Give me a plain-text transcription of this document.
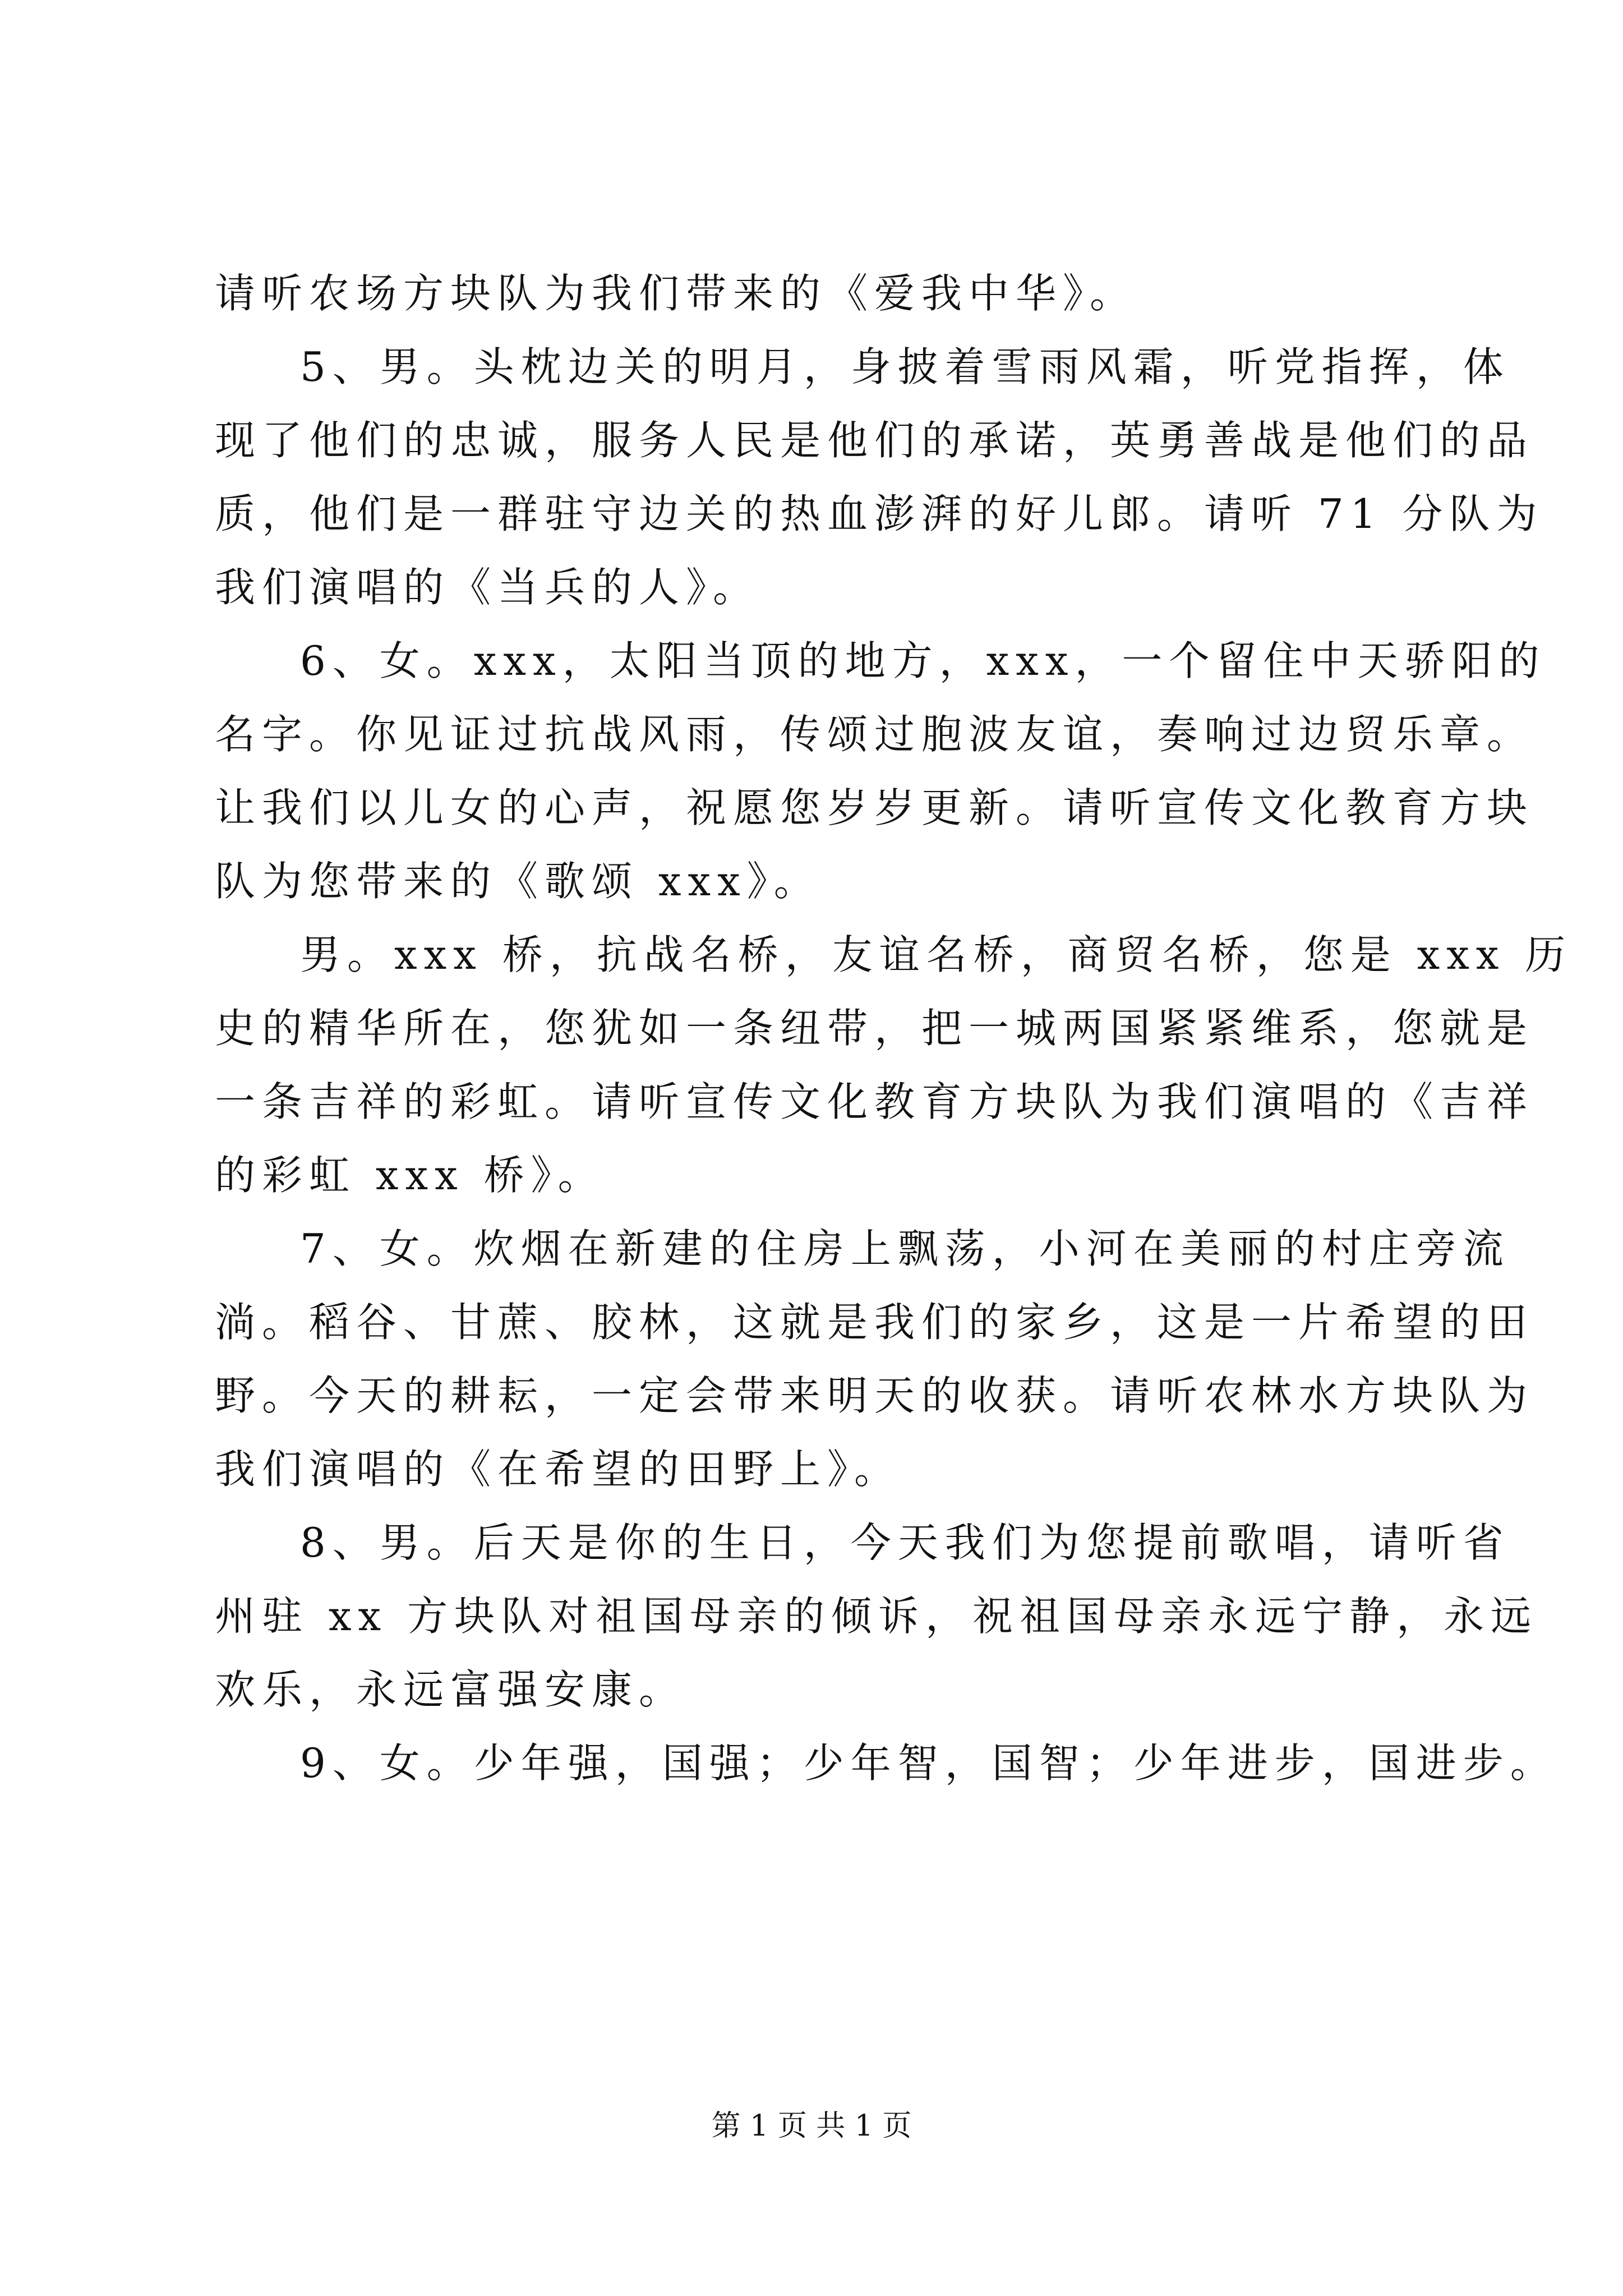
请听农场方块队为我们带来的《爱我中华》。
5、男。头枕边关的明月，身披着雪雨风霜，听党指挥，体
现了他们的忠诚，服务人民是他们的承诺，英勇善战是他们的品
质，他们是一群驻守边关的热血澎湃的好儿郎。请听 71 分队为
我们演唱的《当兵的人》。
6、女。xxx，太阳当顶的地方，xxx，一个留住中天骄阳的
名字。你见证过抗战风雨，传颂过胞波友谊，奏响过边贸乐章。
让我们以儿女的心声，祝愿您岁岁更新。请听宣传文化教育方块
队为您带来的《歌颂 xxx》。
男。xxx 桥，抗战名桥，友谊名桥，商贸名桥，您是 xxx 历
史的精华所在，您犹如一条纽带，把一城两国紧紧维系，您就是
一条吉祥的彩虹。请听宣传文化教育方块队为我们演唱的《吉祥
的彩虹 xxx 桥》。
7、女。炊烟在新建的住房上飘荡，小河在美丽的村庄旁流
淌。稻谷、甘蔗、胶林，这就是我们的家乡，这是一片希望的田
野。今天的耕耘，一定会带来明天的收获。请听农林水方块队为
我们演唱的《在希望的田野上》。
8、男。后天是你的生日，今天我们为您提前歌唱，请听省
州驻 xx 方块队对祖国母亲的倾诉，祝祖国母亲永远宁静，永远
欢乐，永远富强安康。
9、女。少年强，国强；少年智，国智；少年进步，国进步。
第 1 页 共 1 页
